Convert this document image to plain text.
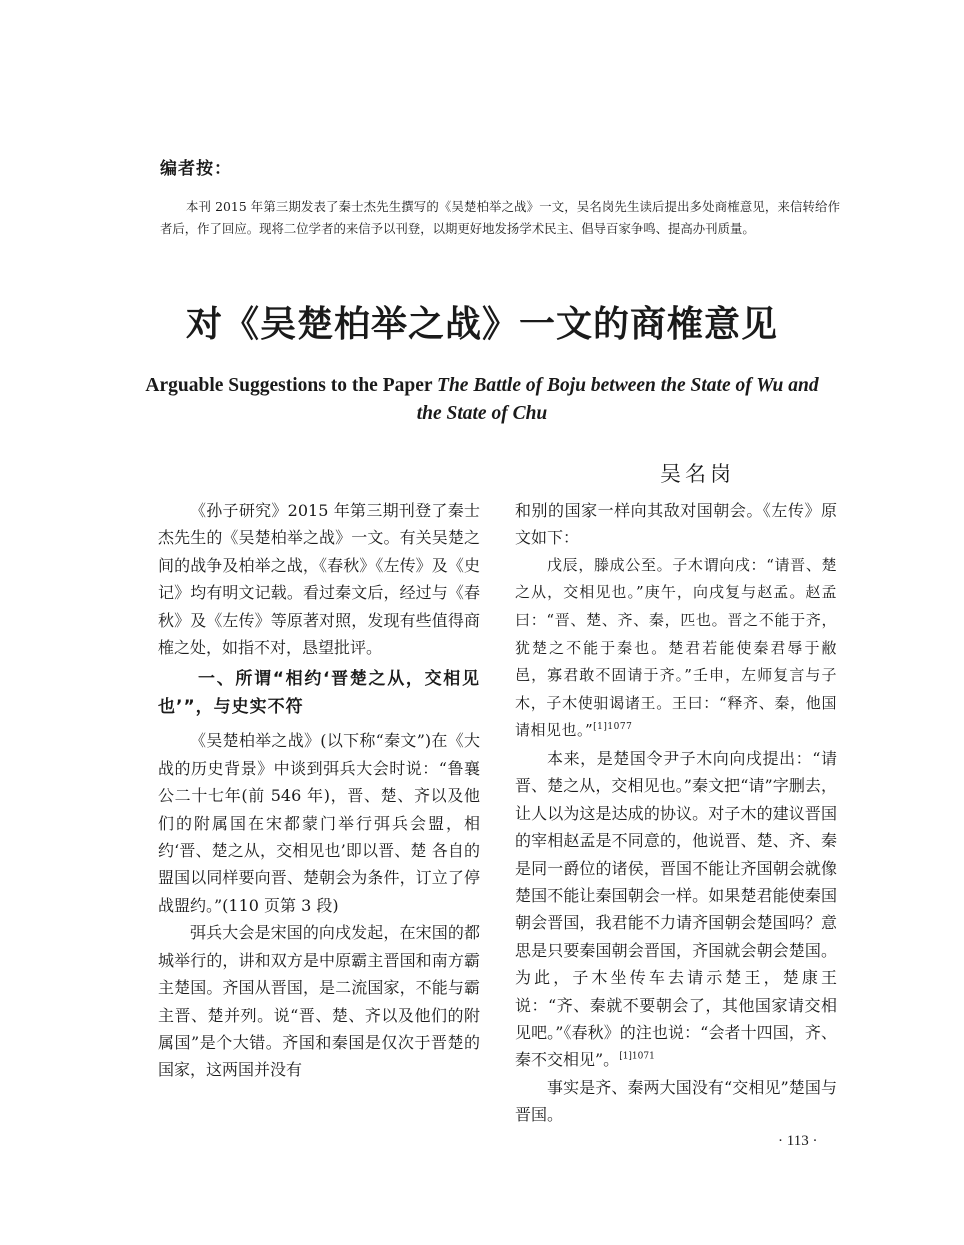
编者按：
本刊 2015 年第三期发表了秦士杰先生撰写的《吴楚柏举之战》一文，吴名岗先生读后提出多处商榷意见，来信转给作者后，作了回应。现将二位学者的来信予以刊登，以期更好地发扬学术民主、倡导百家争鸣、提高办刊质量。
对《吴楚柏举之战》一文的商榷意见
Arguable Suggestions to the Paper The Battle of Boju between the State of Wu and the State of Chu
吴名岗

《孙子研究》2015 年第三期刊登了秦士杰先生的《吴楚柏举之战》一文。有关吴楚之间的战争及柏举之战，《春秋》《左传》及《史记》均有明文记载。看过秦文后，经过与《春秋》及《左传》等原著对照，发现有些值得商榷之处，如指不对，恳望批评。

一、所谓“相约‘晋楚之从，交相见也’”，与史实不符

《吴楚柏举之战》(以下称“秦文”)在《大战的历史背景》中谈到弭兵大会时说：“鲁襄公二十七年(前 546 年)，晋、楚、齐以及他们的附属国在宋都蒙门举行弭兵会盟，相约‘晋、楚之从，交相见也’即以晋、楚 各自的盟国以同样要向晋、楚朝会为条件，订立了停战盟约。”(110 页第 3 段)

弭兵大会是宋国的向戌发起，在宋国的都城举行的，讲和双方是中原霸主晋国和南方霸主楚国。齐国从晋国，是二流国家，不能与霸主晋、楚并列。说“晋、楚、齐以及他们的附属国”是个大错。齐国和秦国是仅次于晋楚的国家，这两国并没有

和别的国家一样向其敌对国朝会。《左传》原文如下：

戊辰，滕成公至。子木谓向戌：“请晋、楚之从，交相见也。”庚午，向戌复与赵孟。赵孟曰：“晋、楚、齐、秦，匹也。晋之不能于齐，犹楚之不能于秦也。楚君若能使秦君辱于敝邑，寡君敢不固请于齐。”壬申，左师复言与子木，子木使驲谒诸王。王曰：“释齐、秦，他国请相见也。”$^{[1]1077}$

本来，是楚国令尹子木向向戌提出：“请晋、楚之从，交相见也。”秦文把“请”字删去，让人以为这是达成的协议。对子木的建议晋国的宰相赵孟是不同意的，他说晋、楚、齐、秦是同一爵位的诸侯，晋国不能让齐国朝会就像楚国不能让秦国朝会一样。如果楚君能使秦国朝会晋国，我君能不力请齐国朝会楚国吗？意思是只要秦国朝会晋国，齐国就会朝会楚国。为此，子木坐传车去请示楚王，楚康王说：“齐、秦就不要朝会了，其他国家请交相见吧。”《春秋》的注也说：“会者十四国，齐、秦不交相见”。$^{[1]1071}$

事实是齐、秦两大国没有“交相见”楚国与晋国。

· 113 ·
